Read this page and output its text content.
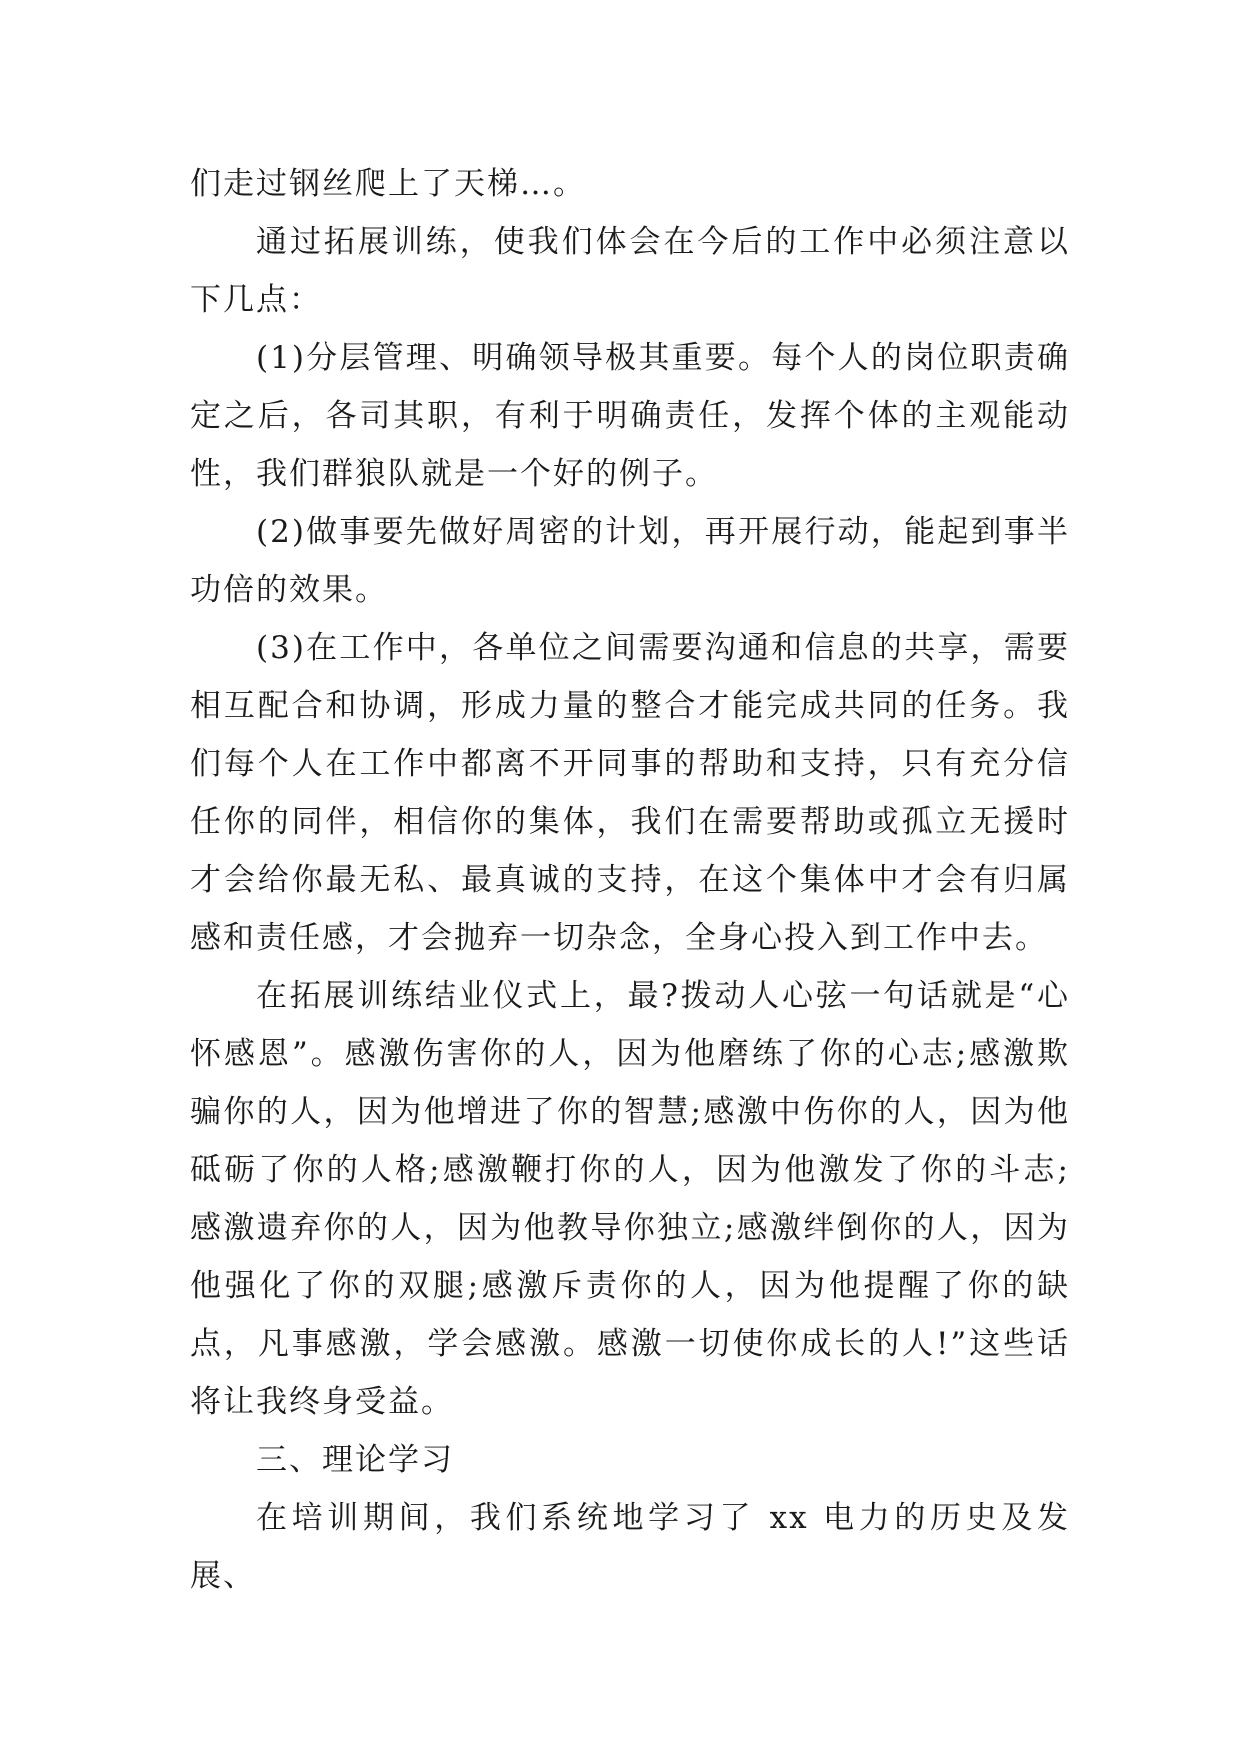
们走过钢丝爬上了天梯…。

通过拓展训练，使我们体会在今后的工作中必须注意以下几点：

(1)分层管理、明确领导极其重要。每个人的岗位职责确定之后，各司其职，有利于明确责任，发挥个体的主观能动性，我们群狼队就是一个好的例子。

(2)做事要先做好周密的计划，再开展行动，能起到事半功倍的效果。

(3)在工作中，各单位之间需要沟通和信息的共享，需要相互配合和协调，形成力量的整合才能完成共同的任务。我们每个人在工作中都离不开同事的帮助和支持，只有充分信任你的同伴，相信你的集体，我们在需要帮助或孤立无援时才会给你最无私、最真诚的支持，在这个集体中才会有归属感和责任感，才会抛弃一切杂念，全身心投入到工作中去。

在拓展训练结业仪式上，最?拨动人心弦一句话就是“心怀感恩”。感激伤害你的人，因为他磨练了你的心志;感激欺骗你的人，因为他增进了你的智慧;感激中伤你的人，因为他砥砺了你的人格;感激鞭打你的人，因为他激发了你的斗志;感激遗弃你的人，因为他教导你独立;感激绊倒你的人，因为他强化了你的双腿;感激斥责你的人，因为他提醒了你的缺点，凡事感激，学会感激。感激一切使你成长的人!”这些话将让我终身受益。

三、理论学习

在培训期间，我们系统地学习了 xx 电力的历史及发展、
